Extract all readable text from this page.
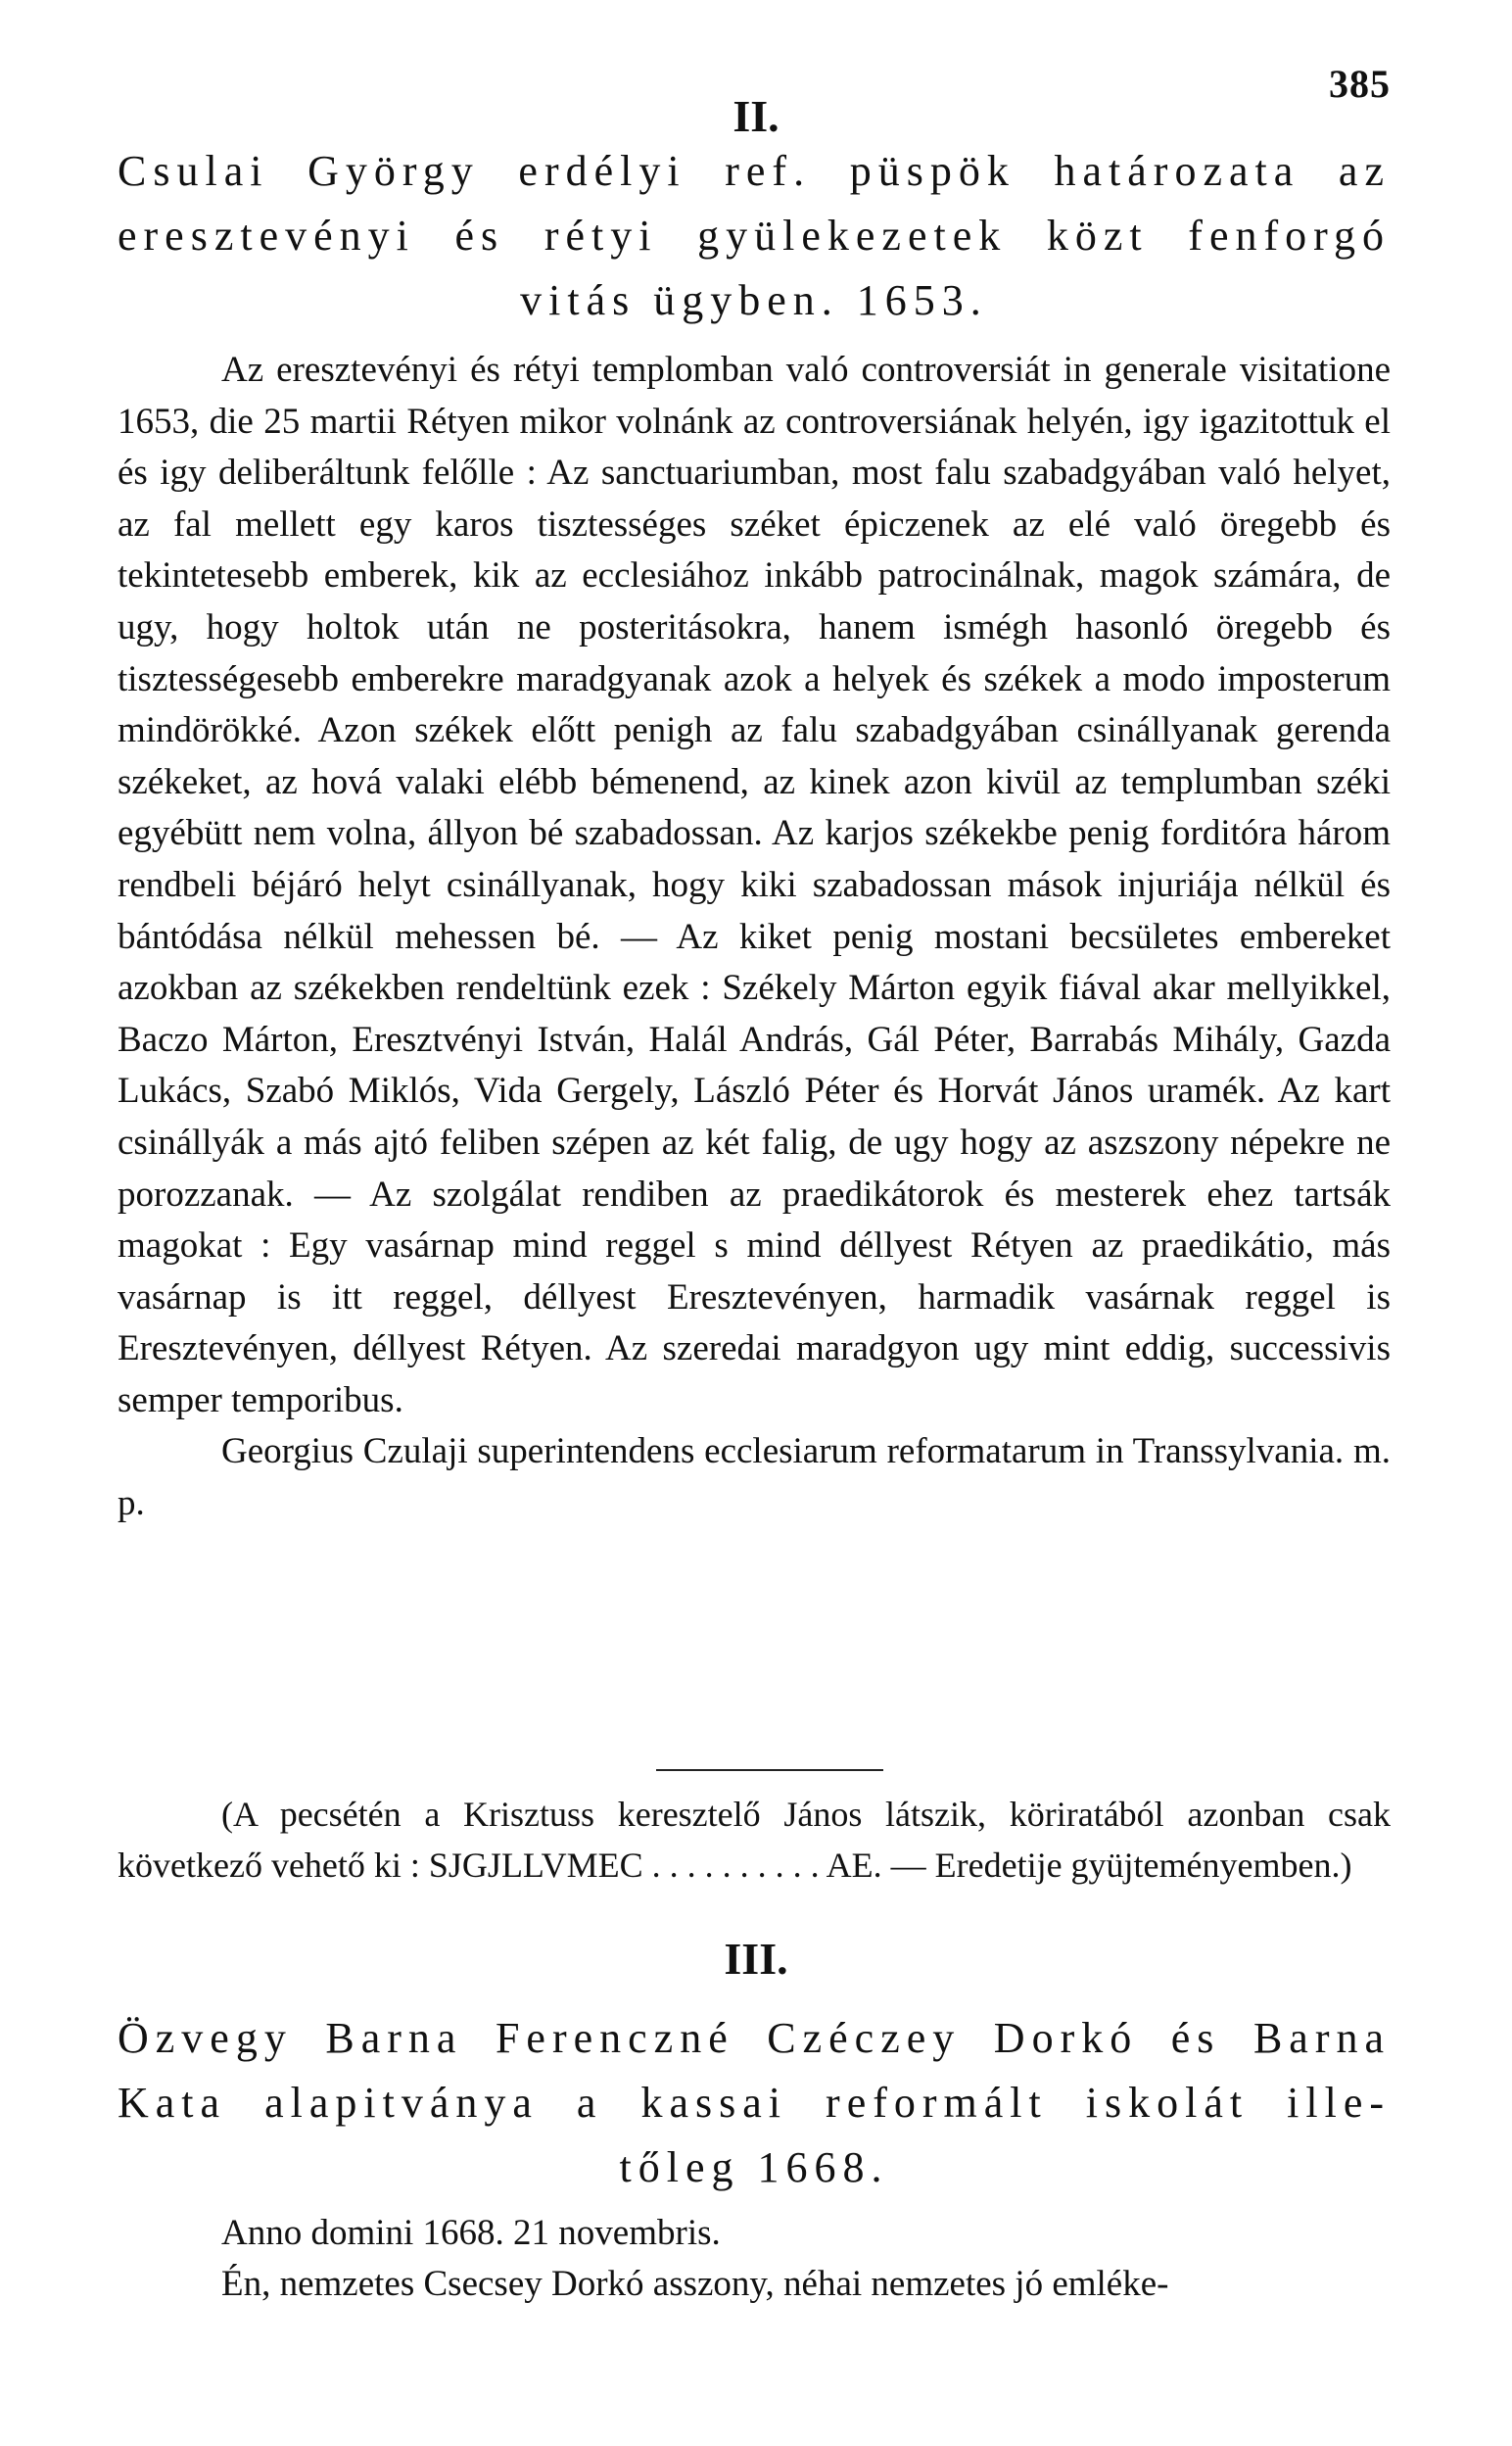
385
II.
Csulai György erdélyi ref. püspök határozata az
eresztevényi és rétyi gyülekezetek közt fenforgó
vitás ügyben. 1653.

Az eresztevényi és rétyi templomban való controversiát in generale visitatione 1653, die 25 martii Rétyen mikor volnánk az controversiának helyén, igy igazitottuk el és igy deliberáltunk felőlle : Az sanctuariumban, most falu szabadgyában való helyet, az fal mellett egy karos tisztességes széket épiczenek az elé való öregebb és tekintetesebb emberek, kik az ecclesiához inkább patrocinálnak, magok számára, de ugy, hogy holtok után ne posteritásokra, hanem ismégh hasonló öregebb és tisztességesebb emberekre maradgyanak azok a helyek és székek a modo imposterum mindörökké. Azon székek előtt penigh az falu szabadgyában csinállyanak gerenda székeket, az hová valaki elébb bémenend, az kinek azon kivül az templumban széki egyébütt nem volna, állyon bé szabadossan. Az karjos székekbe penig forditóra három rendbeli béjáró helyt csinállyanak, hogy kiki szabadossan mások injuriája nélkül és bántódása nélkül mehessen bé. — Az kiket penig mostani becsületes embereket azokban az székekben rendeltünk ezek : Székely Márton egyik fiával akar mellyikkel, Baczo Márton, Eresztvényi István, Halál András, Gál Péter, Barrabás Mihály, Gazda Lukács, Szabó Miklós, Vida Gergely, László Péter és Horvát János uramék. Az kart csinállyák a más ajtó feliben szépen az két falig, de ugy hogy az aszszony népekre ne porozzanak. — Az szolgálat rendiben az praedikátorok és mesterek ehez tartsák magokat : Egy vasárnap mind reggel s mind déllyest Rétyen az praedikátio, más vasárnap is itt reggel, déllyest Eresztevényen, harmadik vasárnak reggel is Eresztevényen, déllyest Rétyen. Az szeredai maradgyon ugy mint eddig, successivis semper temporibus.

Georgius Czulaji superintendens ecclesiarum reformatarum in Transsylvania. m. p.

(A pecsétén a Krisztuss keresztelő János látszik, köriratából azonban csak következő vehető ki : SJGJLLVMEC . . . . . . . . . . AE. — Eredetije gyüjteményemben.)

III.
Özvegy Barna Ferenczné Czéczey Dorkó és Barna
Kata alapitványa a kassai reformált iskolát ille-
tőleg 1668.
Anno domini 1668. 21 novembris.
Én, nemzetes Csecsey Dorkó asszony, néhai nemzetes jó emléke-
